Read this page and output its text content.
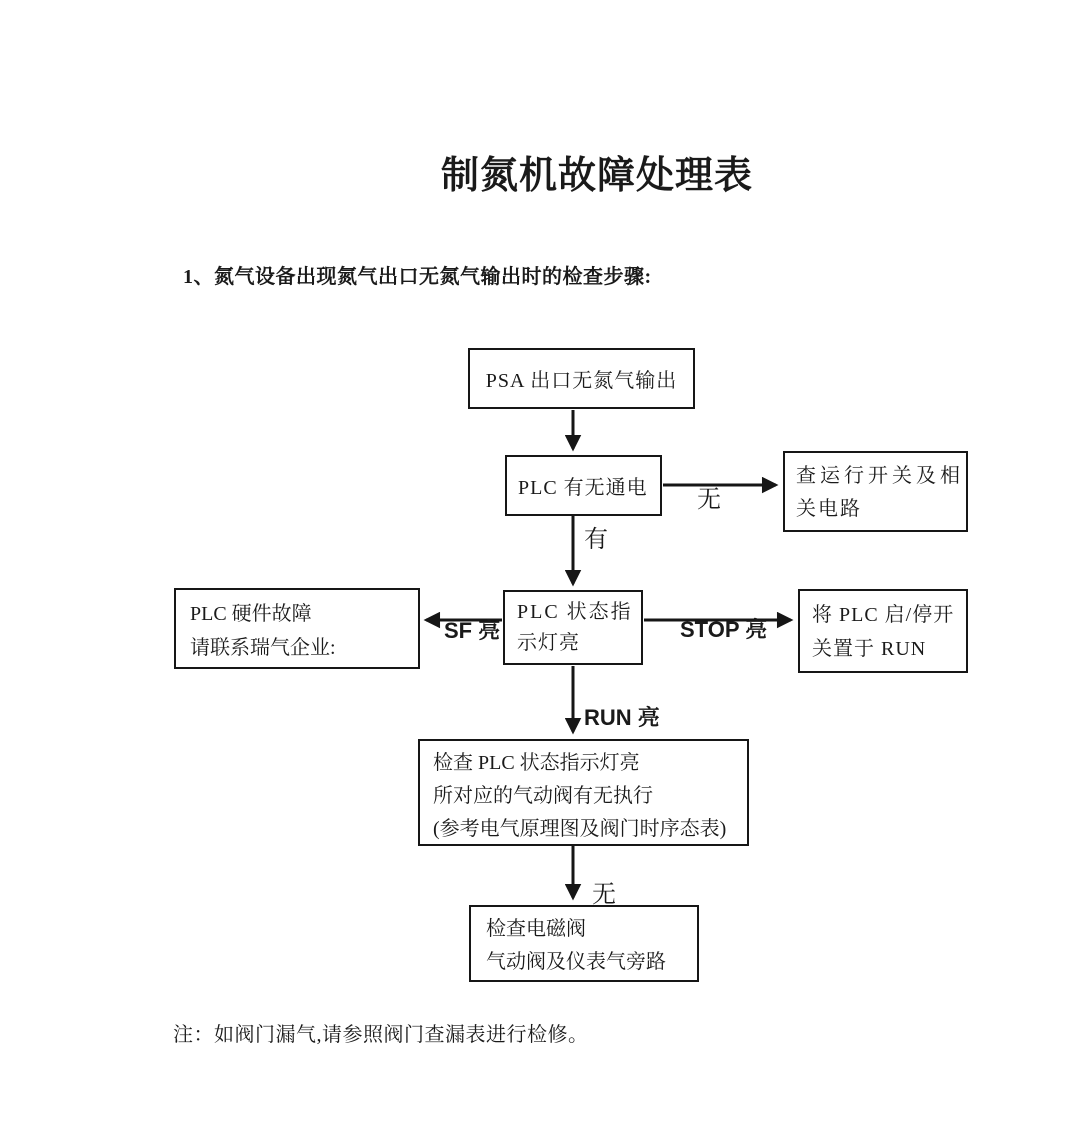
制氮机故障处理表
1、氮气设备出现氮气出口无氮气输出时的检查步骤:
PSA 出口无氮气输出
PLC 有无通电
查运行开关及相
关电路
PLC 状态指
示灯亮
PLC 硬件故障
请联系瑞气企业:
将 PLC 启/停开
关置于 RUN
检查 PLC 状态指示灯亮
所对应的气动阀有无执行
(参考电气原理图及阀门时序态表)
检查电磁阀
气动阀及仪表气旁路
无
有
SF 亮	STOP 亮
RUN 亮
无
注：如阀门漏气,请参照阀门查漏表进行检修。
